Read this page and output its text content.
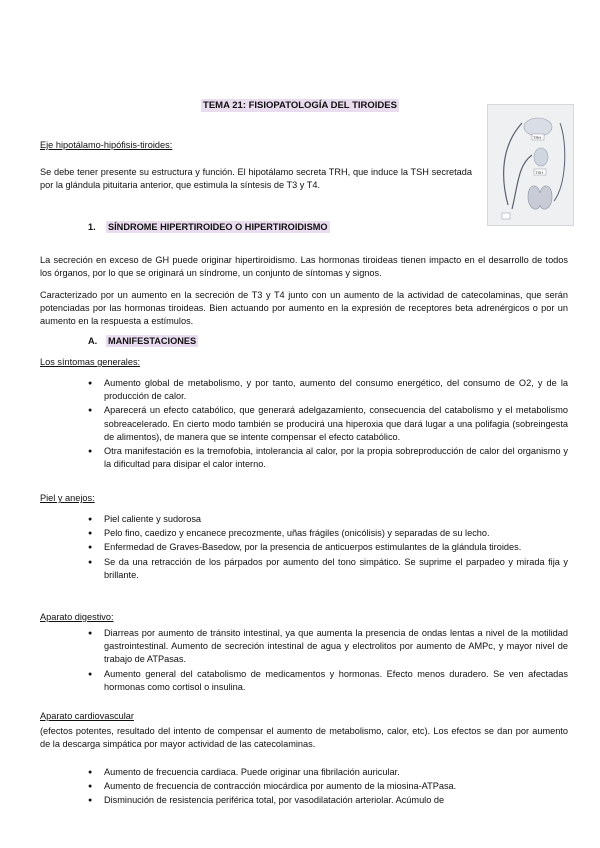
TEMA 21: FISIOPATOLOGÍA DEL TIROIDES
Eje hipotálamo-hipófisis-tiroides:
Se debe tener presente su estructura y función. El hipotálamo secreta TRH, que induce la TSH secretada por la glándula pituitaria anterior, que estimula la síntesis de T3 y T4.
TRH
TSH
1. SÍNDROME HIPERTIROIDEO O HIPERTIROIDISMO
La secreción en exceso de GH puede originar hipertiroidismo. Las hormonas tiroideas tienen impacto en el desarrollo de todos los órganos, por lo que se originará un síndrome, un conjunto de síntomas y signos.
Caracterizado por un aumento en la secreción de T3 y T4 junto con un aumento de la actividad de catecolaminas, que serán potenciadas por las hormonas tiroideas. Bien actuando por aumento en la expresión de receptores beta adrenérgicos o por un aumento en la respuesta a estímulos.
A. MANIFESTACIONES
Los síntomas generales:
● Aumento global de metabolismo, y por tanto, aumento del consumo energético, del consumo de O2, y de la producción de calor.
● Aparecerá un efecto catabólico, que generará adelgazamiento, consecuencia del catabolismo y el metabolismo sobreacelerado. En cierto modo también se producirá una hiperoxia que dará lugar a una polifagia (sobreingesta de alimentos), de manera que se intente compensar el efecto catabólico.
● Otra manifestación es la tremofobia, intolerancia al calor, por la propia sobreproducción de calor del organismo y la dificultad para disipar el calor interno.
Piel y anejos:
● Piel caliente y sudorosa
● Pelo fino, caedizo y encanece precozmente, uñas frágiles (onicólisis) y separadas de su lecho.
● Enfermedad de Graves-Basedow, por la presencia de anticuerpos estimulantes de la glándula tiroides.
● Se da una retracción de los párpados por aumento del tono simpático. Se suprime el parpadeo y mirada fija y brillante.
Aparato digestivo:
● Diarreas por aumento de tránsito intestinal, ya que aumenta la presencia de ondas lentas a nivel de la motilidad gastrointestinal. Aumento de secreción intestinal de agua y electrolitos por aumento de AMPc, y mayor nivel de trabajo de ATPasas.
● Aumento general del catabolismo de medicamentos y hormonas. Efecto menos duradero. Se ven afectadas hormonas como cortisol o insulina.
Aparato cardiovascular
(efectos potentes, resultado del intento de compensar el aumento de metabolismo, calor, etc). Los efectos se dan por aumento de la descarga simpática por mayor actividad de las catecolaminas.
● Aumento de frecuencia cardiaca. Puede originar una fibrilación auricular.
● Aumento de frecuencia de contracción miocárdica por aumento de la miosina-ATPasa.
● Disminución de resistencia periférica total, por vasodilatación arteriolar. Acúmulo de
